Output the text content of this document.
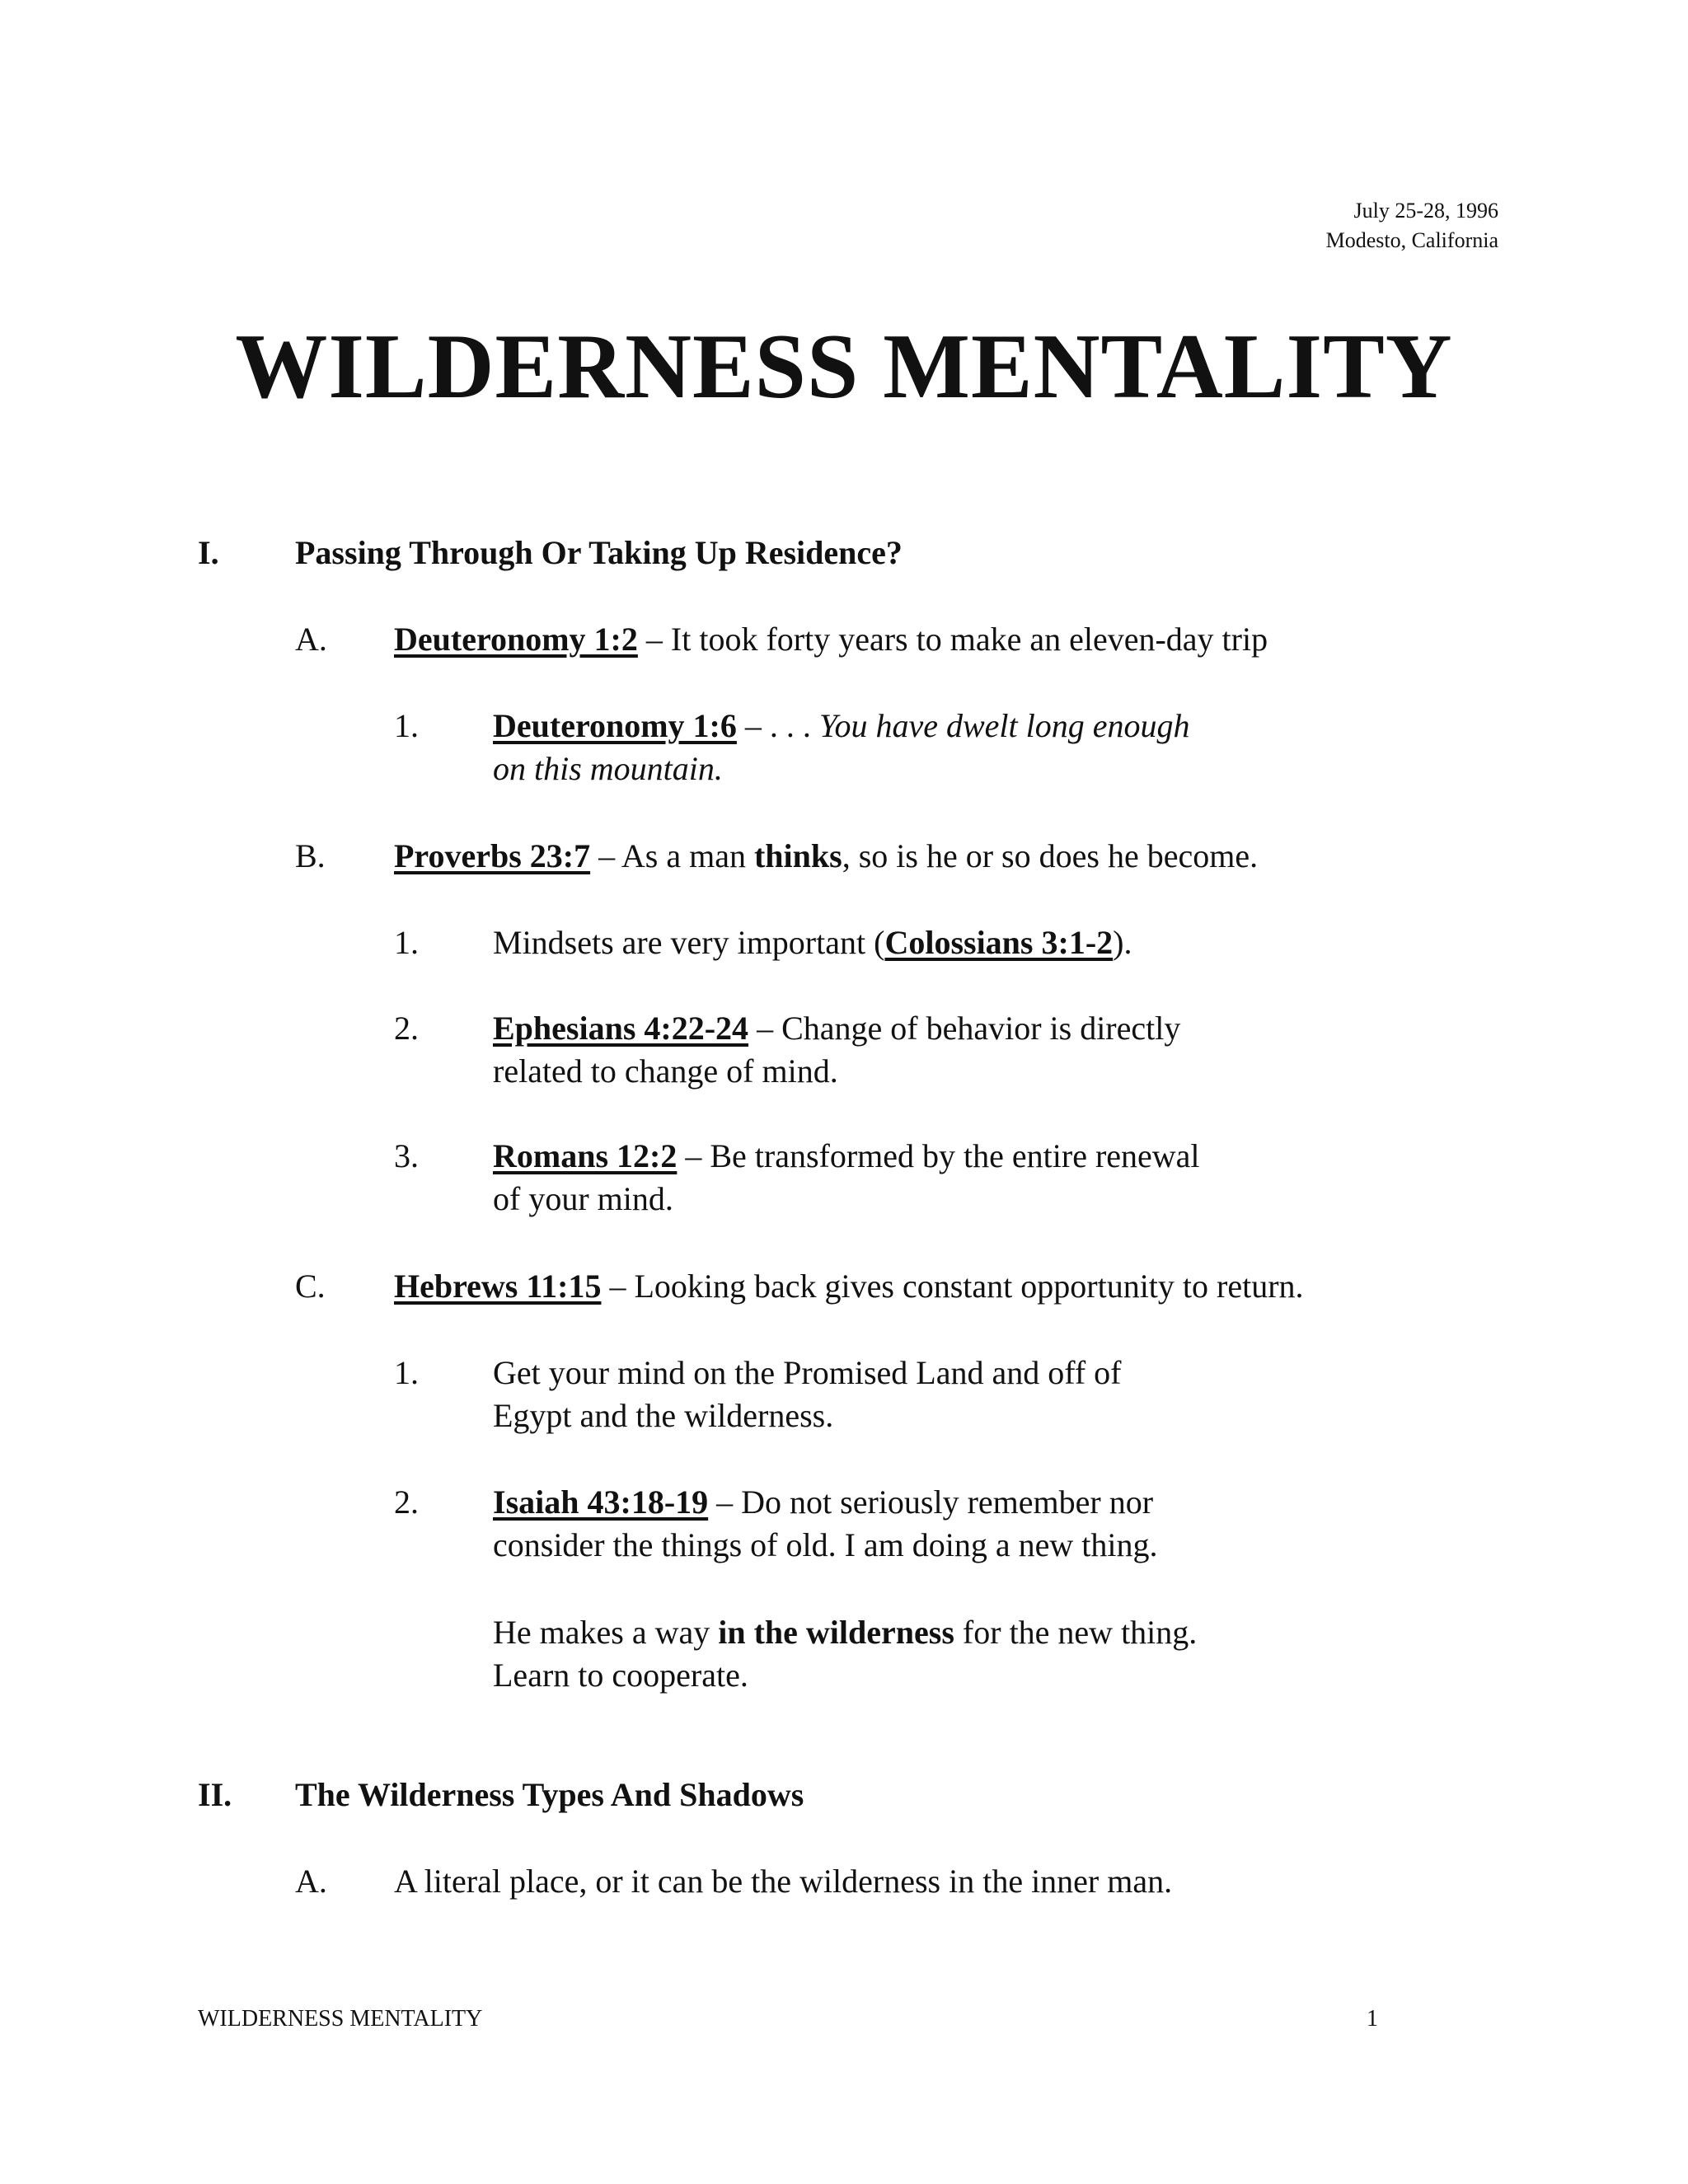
July 25-28, 1996
Modesto, California
WILDERNESS MENTALITY
I. Passing Through Or Taking Up Residence?
A. Deuteronomy 1:2 – It took forty years to make an eleven-day trip
1. Deuteronomy 1:6 – . . . You have dwelt long enough
on this mountain.
B. Proverbs 23:7 – As a man thinks, so is he or so does he become.
1. Mindsets are very important (Colossians 3:1-2).
2. Ephesians 4:22-24 – Change of behavior is directly
related to change of mind.
3. Romans 12:2 – Be transformed by the entire renewal
of your mind.
C. Hebrews 11:15 – Looking back gives constant opportunity to return.
1. Get your mind on the Promised Land and off of
Egypt and the wilderness.
2. Isaiah 43:18-19 – Do not seriously remember nor
consider the things of old. I am doing a new thing.
He makes a way in the wilderness for the new thing.
Learn to cooperate.
II. The Wilderness Types And Shadows
A. A literal place, or it can be the wilderness in the inner man.
WILDERNESS MENTALITY	1
